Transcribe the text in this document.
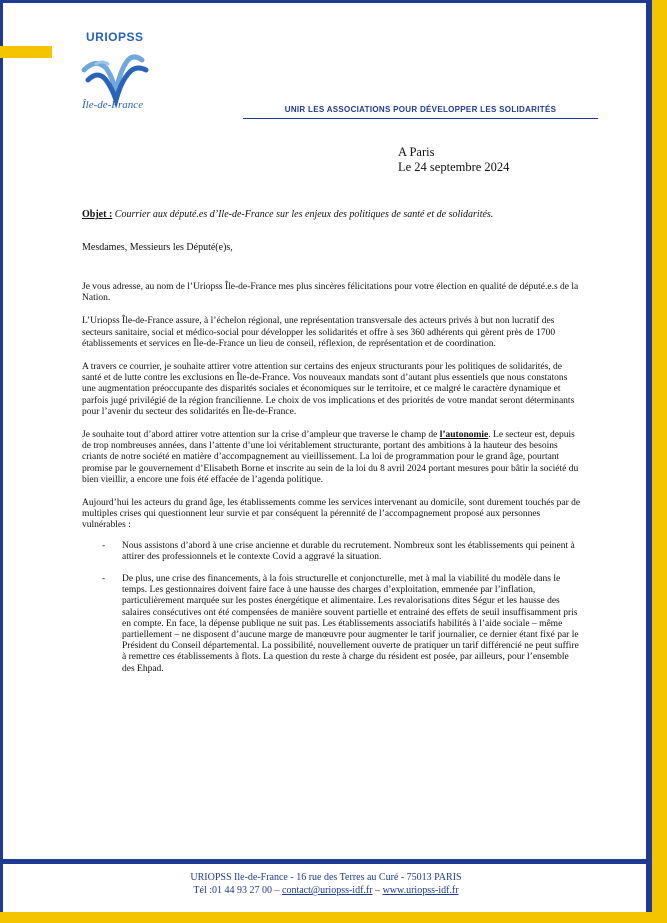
URIOPSS
Île-de-France	UNIR LES ASSOCIATIONS POUR DÉVELOPPER LES SOLIDARITÉS
A Paris
Le 24 septembre 2024
Objet : Courrier aux député.es d’Ile-de-France sur les enjeux des politiques de santé et de solidarités.
Mesdames, Messieurs les Député(e)s,

Je vous adresse, au nom de l’Uriopss Île-de-France mes plus sincères félicitations pour votre élection en qualité de député.e.s de la Nation.

L’Uriopss Île-de-France assure, à l’échelon régional, une représentation transversale des acteurs privés à but non lucratif des secteurs sanitaire, social et médico-social pour développer les solidarités et offre à ses 360 adhérents qui gèrent près de 1700 établissements et services en Île-de-France un lieu de conseil, réflexion, de représentation et de coordination.

A travers ce courrier, je souhaite attirer votre attention sur certains des enjeux structurants pour les politiques de solidarités, de santé et de lutte contre les exclusions en Île-de-France. Vos nouveaux mandats sont d’autant plus essentiels que nous constatons une augmentation préoccupante des disparités sociales et économiques sur le territoire, et ce malgré le caractère dynamique et parfois jugé privilégié de la région francilienne. Le choix de vos implications et des priorités de votre mandat seront déterminants pour l’avenir du secteur des solidarités en Île-de-France.

Je souhaite tout d’abord attirer votre attention sur la crise d’ampleur que traverse le champ de l’autonomie. Le secteur est, depuis de trop nombreuses années, dans l’attente d’une loi véritablement structurante, portant des ambitions à la hauteur des besoins criants de notre société en matière d’accompagnement au vieillissement. La loi de programmation pour le grand âge, pourtant promise par le gouvernement d’Elisabeth Borne et inscrite au sein de la loi du 8 avril 2024 portant mesures pour bâtir la société du bien vieillir, a encore une fois été effacée de l’agenda politique.

Aujourd’hui les acteurs du grand âge, les établissements comme les services intervenant au domicile, sont durement touchés par de multiples crises qui questionnent leur survie et par conséquent la pérennité de l’accompagnement proposé aux personnes vulnérables :

- Nous assistons d’abord à une crise ancienne et durable du recrutement. Nombreux sont les établissements qui peinent à attirer des professionnels et le contexte Covid a aggravé la situation.
- De plus, une crise des financements, à la fois structurelle et conjoncturelle, met à mal la viabilité du modèle dans le temps. Les gestionnaires doivent faire face à une hausse des charges d’exploitation, emmenée par l’inflation, particulièrement marquée sur les postes énergétique et alimentaire. Les revalorisations dites Ségur et les hausse des salaires consécutives ont été compensées de manière souvent partielle et entrainé des effets de seuil insuffisamment pris en compte. En face, la dépense publique ne suit pas. Les établissements associatifs habilités à l’aide sociale – même partiellement – ne disposent d’aucune marge de manœuvre pour augmenter le tarif journalier, ce dernier étant fixé par le Président du Conseil départemental. La possibilité, nouvellement ouverte de pratiquer un tarif différencié ne peut suffire à remettre ces établissements à flots. La question du reste à charge du résident est posée, par ailleurs, pour l’ensemble des Ehpad.
URIOPSS Ile-de-France - 16 rue des Terres au Curé - 75013 PARIS
Tél :01 44 93 27 00 – contact@uriopss-idf.fr – www.uriopss-idf.fr
